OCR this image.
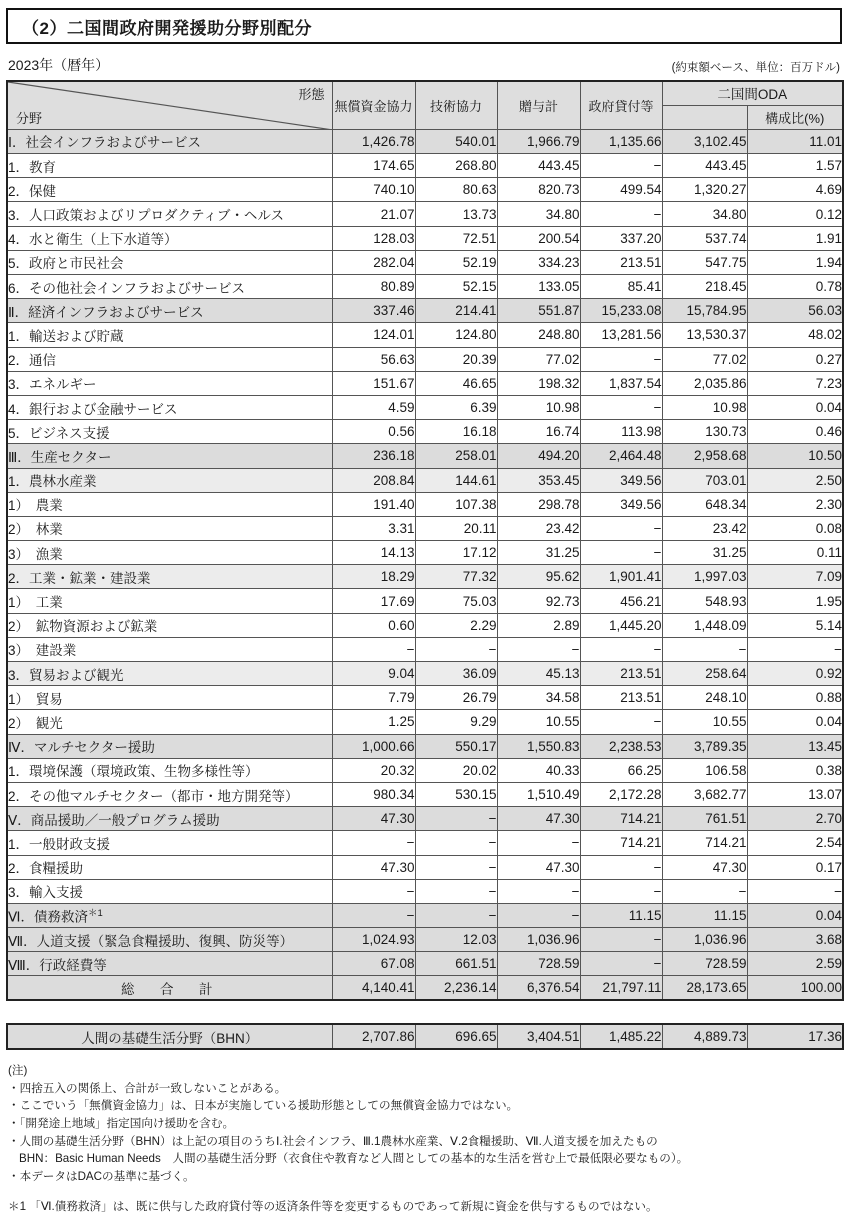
（2）二国間政府開発援助分野別配分
2023年（暦年）	(約束額ベース、単位：百万ドル)
形態
分野	無償資金協力	技術協力	贈与計	政府貸付等	二国間ODA	
						構成比(%)
Ⅰ．社会インフラおよびサービス	1,426.78	540.01	1,966.79	1,135.66	3,102.45	11.01
1．教育	174.65	268.80	443.45	−	443.45	1.57
2．保健	740.10	80.63	820.73	499.54	1,320.27	4.69
3．人口政策およびリプロダクティブ・ヘルス	21.07	13.73	34.80	−	34.80	0.12
4．水と衛生（上下水道等）	128.03	72.51	200.54	337.20	537.74	1.91
5．政府と市民社会	282.04	52.19	334.23	213.51	547.75	1.94
6．その他社会インフラおよびサービス	80.89	52.15	133.05	85.41	218.45	0.78
Ⅱ．経済インフラおよびサービス	337.46	214.41	551.87	15,233.08	15,784.95	56.03
1．輸送および貯蔵	124.01	124.80	248.80	13,281.56	13,530.37	48.02
2．通信	56.63	20.39	77.02	−	77.02	0.27
3．エネルギー	151.67	46.65	198.32	1,837.54	2,035.86	7.23
4．銀行および金融サービス	4.59	6.39	10.98	−	10.98	0.04
5．ビジネス支援	0.56	16.18	16.74	113.98	130.73	0.46
Ⅲ．生産セクター	236.18	258.01	494.20	2,464.48	2,958.68	10.50
1．農林水産業	208.84	144.61	353.45	349.56	703.01	2.50
1）　農業	191.40	107.38	298.78	349.56	648.34	2.30
2）　林業	3.31	20.11	23.42	−	23.42	0.08
3）　漁業	14.13	17.12	31.25	−	31.25	0.11
2．工業・鉱業・建設業	18.29	77.32	95.62	1,901.41	1,997.03	7.09
1）　工業	17.69	75.03	92.73	456.21	548.93	1.95
2）　鉱物資源および鉱業	0.60	2.29	2.89	1,445.20	1,448.09	5.14
3）　建設業	−	−	−	−	−	−
3．貿易および観光	9.04	36.09	45.13	213.51	258.64	0.92
1）　貿易	7.79	26.79	34.58	213.51	248.10	0.88
2）　観光	1.25	9.29	10.55	−	10.55	0.04
Ⅳ．マルチセクター援助	1,000.66	550.17	1,550.83	2,238.53	3,789.35	13.45
1．環境保護（環境政策、生物多様性等）	20.32	20.02	40.33	66.25	106.58	0.38
2．その他マルチセクター（都市・地方開発等）	980.34	530.15	1,510.49	2,172.28	3,682.77	13.07
Ⅴ．商品援助／一般プログラム援助	47.30	−	47.30	714.21	761.51	2.70
1．一般財政支援	−	−	−	714.21	714.21	2.54
2．食糧援助	47.30	−	47.30	−	47.30	0.17
3．輸入支援	−	−	−	−	−	−
Ⅵ．債務救済$^{*1}$	−	−	−	11.15	11.15	0.04
Ⅶ．人道支援（緊急食糧援助、復興、防災等）	1,024.93	12.03	1,036.96	−	1,036.96	3.68
Ⅷ．行政経費等	67.08	661.51	728.59	−	728.59	2.59
総　合　計	4,140.41	2,236.14	6,376.54	21,797.11	28,173.65	100.00
人間の基礎生活分野（BHN）	2,707.86	696.65	3,404.51	1,485.22	4,889.73	17.36
(注)
・四捨五入の関係上、合計が一致しないことがある。
・ここでいう「無償資金協力」は、日本が実施している援助形態としての無償資金協力ではない。
・「開発途上地域」指定国向け援助を含む。
・人間の基礎生活分野（BHN）は上記の項目のうちⅠ.社会インフラ、Ⅲ.1農林水産業、Ⅴ.2食糧援助、Ⅶ.人道支援を加えたもの
BHN：Basic Human Needs　人間の基礎生活分野（衣食住や教育など人間としての基本的な生活を営む上で最低限必要なもの）。
・本データはDACの基準に基づく。
＊1 「Ⅵ.債務救済」は、既に供与した政府貸付等の返済条件等を変更するものであって新規に資金を供与するものではない。
